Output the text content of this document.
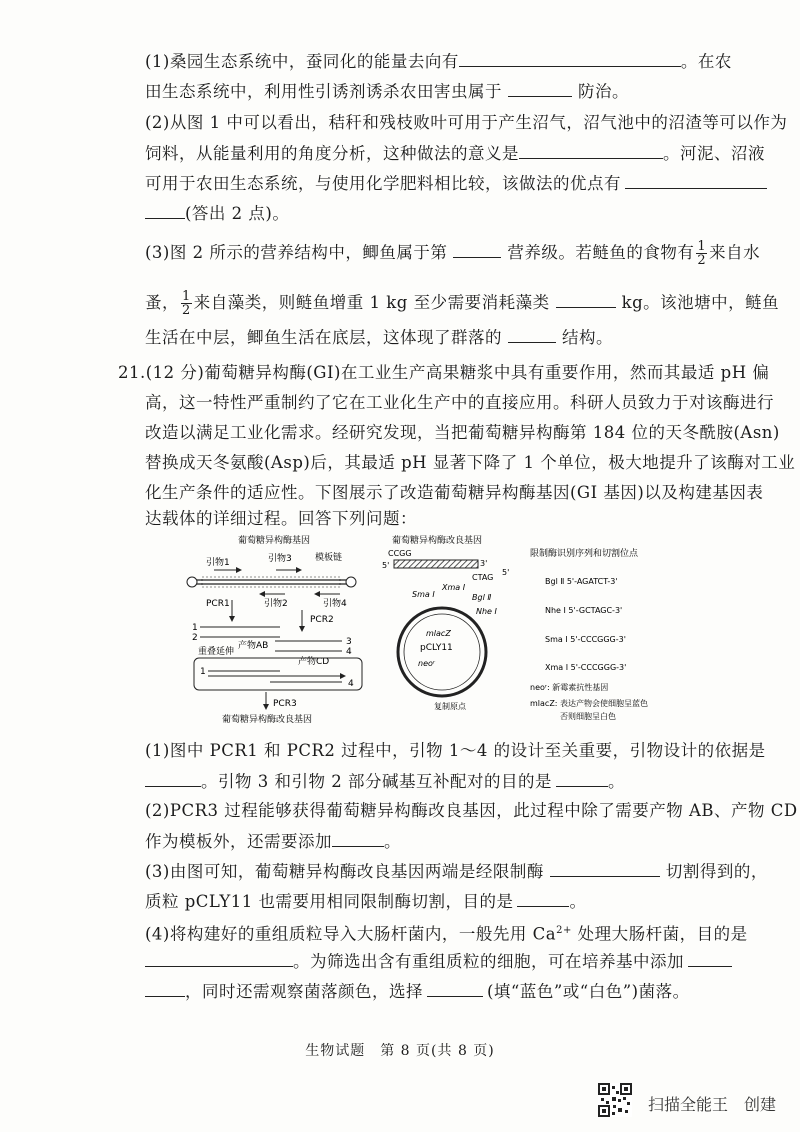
(1)桑园生态系统中，蚕同化的能量去向有	。在农
田生态系统中，利用性引诱剂诱杀农田害虫属于	防治。
(2)从图 1 中可以看出，秸秆和残枝败叶可用于产生沼气，沼气池中的沼渣等可以作为
饲料，从能量利用的角度分析，这种做法的意义是	。河泥、沼液
可用于农田生态系统，与使用化学肥料相比较，该做法的优点有
(答出 2 点)。
(3)图 2 所示的营养结构中，鲫鱼属于第	营养级。若鲢鱼的食物有 $\frac{1}{2}$ 来自水
蚤， $\frac{1}{2}$ 来自藻类，则鲢鱼增重 1 kg 至少需要消耗藻类	kg。该池塘中，鲢鱼
生活在中层，鲫鱼生活在底层，这体现了群落的	结构。
21.(12 分)葡萄糖异构酶(GI)在工业生产高果糖浆中具有重要作用，然而其最适 pH 偏
高，这一特性严重制约了它在工业化生产中的直接应用。科研人员致力于对该酶进行
改造以满足工业化需求。经研究发现，当把葡萄糖异构酶第 184 位的天冬酰胺(Asn)
替换成天冬氨酸(Asp)后，其最适 pH 显著下降了 1 个单位，极大地提升了该酶对工业
化生产条件的适应性。下图展示了改造葡萄糖异构酶基因(GI 基因)以及构建基因表
达载体的详细过程。回答下列问题：
葡萄糖异构酶基因
引物1	引物3	模板链
引物2	引物4
PCR1
PCR2
1
2
产物AB	3
4
产物CD
重叠延伸
1
4
PCR3
葡萄糖异构酶改良基因
葡萄糖异构酶改良基因
CCGG
5'	3'
CTAG
5'
Sma Ⅰ
Xma Ⅰ
Bgl Ⅱ
Nhe Ⅰ
mlacZ
pCLY11
neoʳ
复制原点
限制酶识别序列和切割位点
Bgl Ⅱ 5'-AGATCT-3'
Nhe Ⅰ 5'-GCTAGC-3'
Sma Ⅰ 5'-CCCGGG-3'
Xma Ⅰ 5'-CCCGGG-3'
neoʳ: 新霉素抗性基因
mlacZ: 表达产物会使细胞呈蓝色
否则细胞呈白色
(1)图中 PCR1 和 PCR2 过程中，引物 1～4 的设计至关重要，引物设计的依据是
。引物 3 和引物 2 部分碱基互补配对的目的是	。
(2)PCR3 过程能够获得葡萄糖异构酶改良基因，此过程中除了需要产物 AB、产物 CD
作为模板外，还需要添加	。
(3)由图可知，葡萄糖异构酶改良基因两端是经限制酶	切割得到的，
质粒 pCLY11 也需要用相同限制酶切割，目的是	。
(4)将构建好的重组质粒导入大肠杆菌内，一般先用 $Ca^{2+}$ 处理大肠杆菌，目的是
。为筛选出含有重组质粒的细胞，可在培养基中添加
，同时还需观察菌落颜色，选择	(填“蓝色”或“白色”)菌落。
生物试题　第 8 页(共 8 页)
扫描全能王　创建
